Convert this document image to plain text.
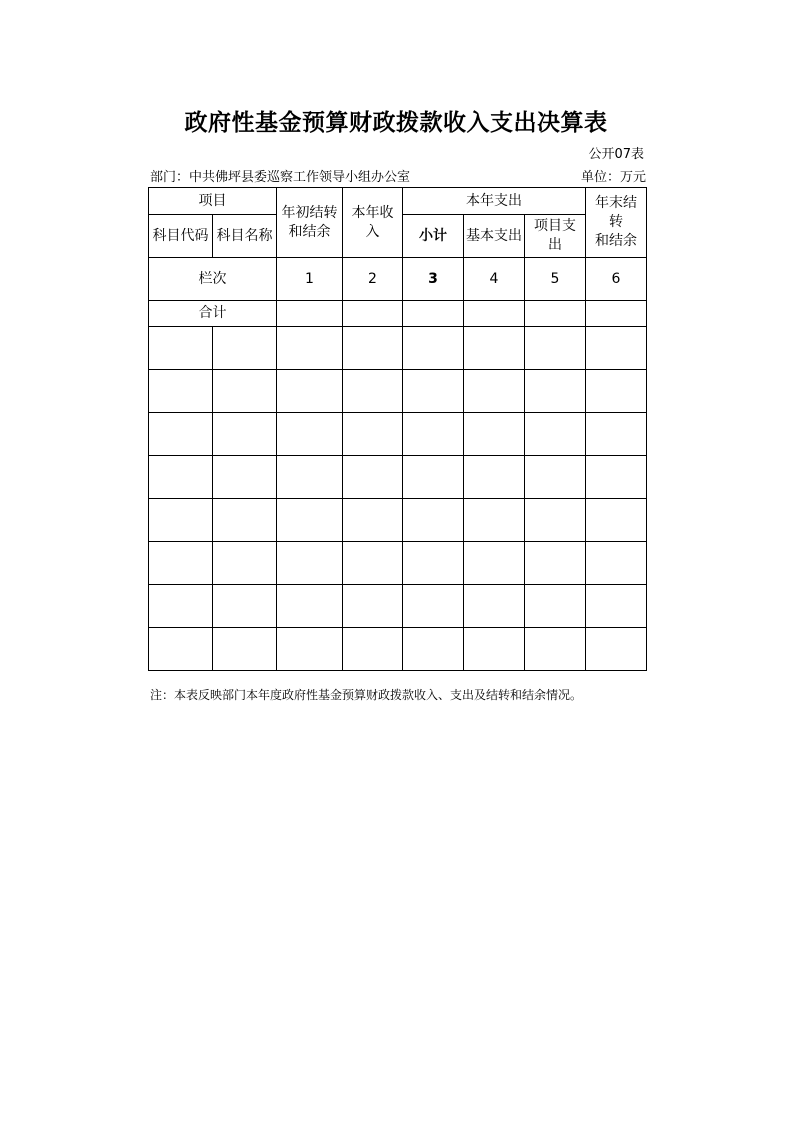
政府性基金预算财政拨款收入支出决算表
公开07表
部门：中共佛坪县委巡察工作领导小组办公室	单位：万元
项目		年初结转和结余	本年收入	本年支出			年末结转
和结余

科目代码	科目名称			小计	基本支出	项目支出	
栏次		1	2	3	4	5	6
合计							

注：本表反映部门本年度政府性基金预算财政拨款收入、支出及结转和结余情况。
